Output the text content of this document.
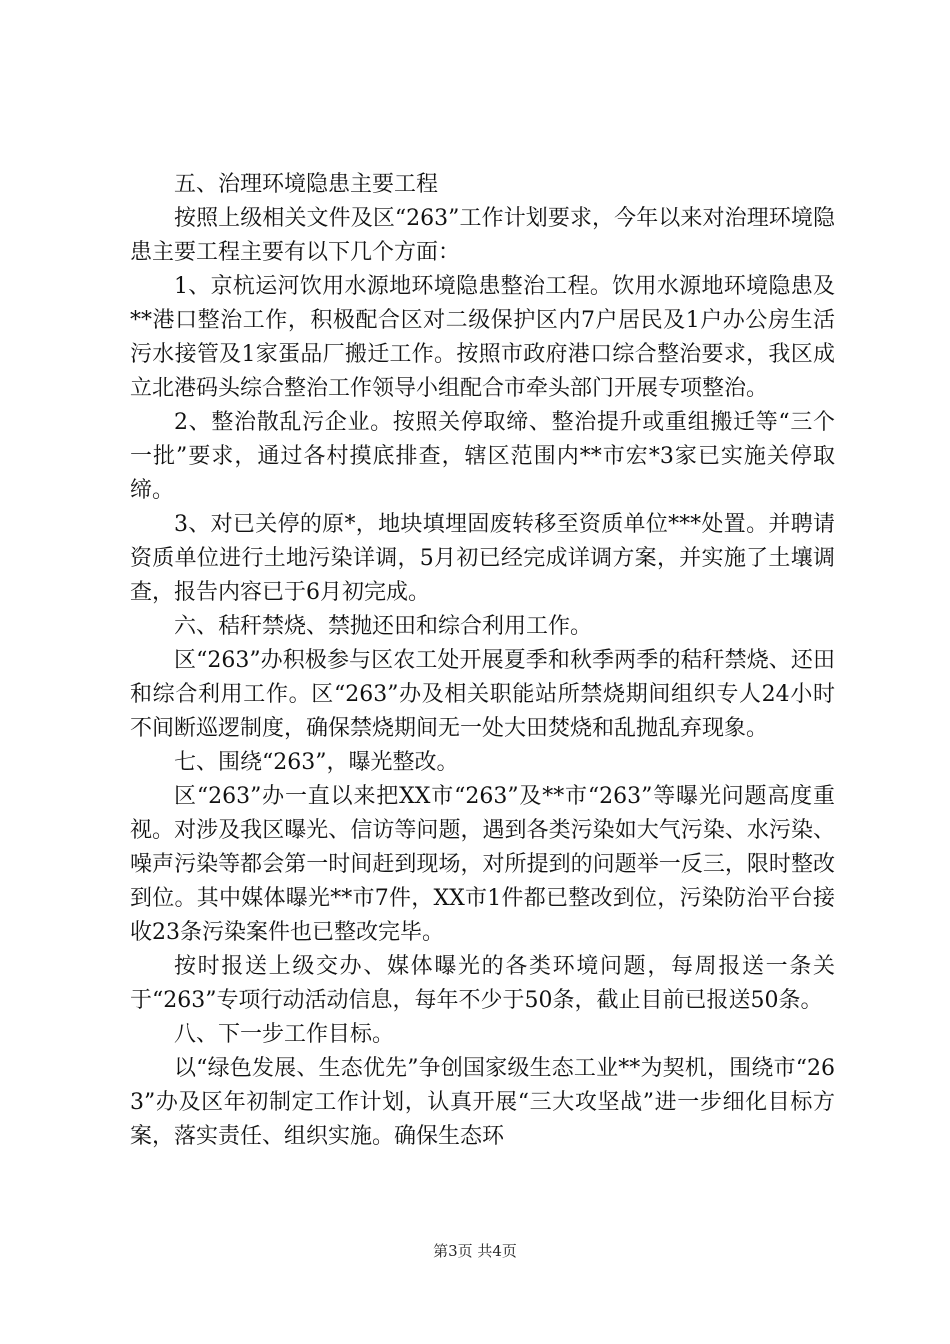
五、治理环境隐患主要工程

按照上级相关文件及区“263”工作计划要求，今年以来对治理环境隐患主要工程主要有以下几个方面：

1、京杭运河饮用水源地环境隐患整治工程。饮用水源地环境隐患及**港口整治工作，积极配合区对二级保护区内7户居民及1户办公房生活污水接管及1家蛋品厂搬迁工作。按照市政府港口综合整治要求，我区成立北港码头综合整治工作领导小组配合市牵头部门开展专项整治。

2、整治散乱污企业。按照关停取缔、整治提升或重组搬迁等“三个一批”要求，通过各村摸底排查，辖区范围内**市宏*3家已实施关停取缔。

3、对已关停的原*，地块填埋固废转移至资质单位***处置。并聘请资质单位进行土地污染详调，5月初已经完成详调方案，并实施了土壤调查，报告内容已于6月初完成。

六、秸秆禁烧、禁抛还田和综合利用工作。

区“263”办积极参与区农工处开展夏季和秋季两季的秸秆禁烧、还田和综合利用工作。区“263”办及相关职能站所禁烧期间组织专人24小时不间断巡逻制度，确保禁烧期间无一处大田焚烧和乱抛乱弃现象。

七、围绕“263”，曝光整改。

区“263”办一直以来把XX市“263”及**市“263”等曝光问题高度重视。对涉及我区曝光、信访等问题，遇到各类污染如大气污染、水污染、噪声污染等都会第一时间赶到现场，对所提到的问题举一反三，限时整改到位。其中媒体曝光**市7件，XX市1件都已整改到位，污染防治平台接收23条污染案件也已整改完毕。

按时报送上级交办、媒体曝光的各类环境问题，每周报送一条关于“263”专项行动活动信息，每年不少于50条，截止目前已报送50条。

八、下一步工作目标。

以“绿色发展、生态优先”争创国家级生态工业**为契机，围绕市“263”办及区年初制定工作计划，认真开展“三大攻坚战”进一步细化目标方案，落实责任、组织实施。确保生态环

第3页 共4页
